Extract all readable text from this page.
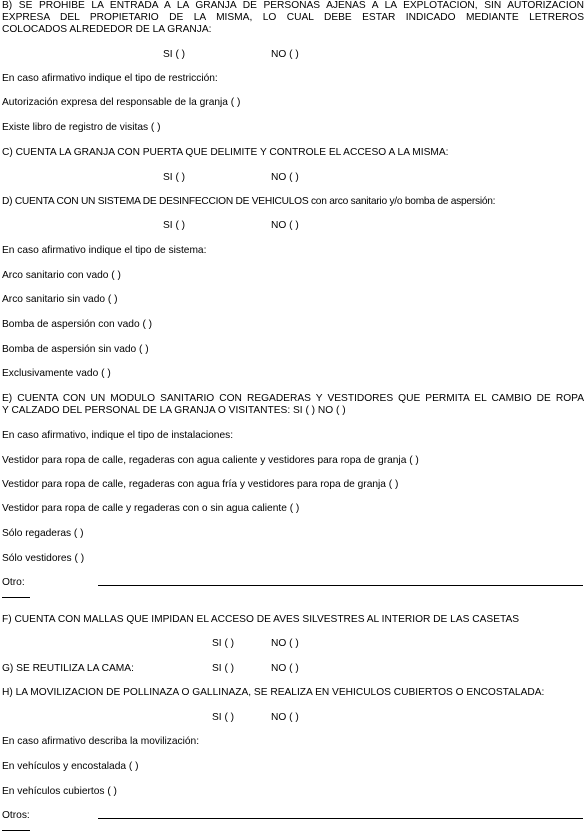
B) SE PROHIBE LA ENTRADA A LA GRANJA DE PERSONAS AJENAS A LA EXPLOTACION, SIN AUTORIZACION
EXPRESA DEL PROPIETARIO DE LA MISMA, LO CUAL DEBE ESTAR INDICADO MEDIANTE LETREROS
COLOCADOS ALREDEDOR DE LA GRANJA:
SI ( )	NO ( )
En caso afirmativo indique el tipo de restricción:
Autorización expresa del responsable de la granja ( )
Existe libro de registro de visitas ( )
C) CUENTA LA GRANJA CON PUERTA QUE DELIMITE Y CONTROLE EL ACCESO A LA MISMA:
SI ( )	NO ( )
D) CUENTA CON UN SISTEMA DE DESINFECCION DE VEHICULOS con arco sanitario y/o bomba de aspersión:
SI ( )	NO ( )
En caso afirmativo indique el tipo de sistema:
Arco sanitario con vado ( )
Arco sanitario sin vado ( )
Bomba de aspersión con vado ( )
Bomba de aspersión sin vado ( )
Exclusivamente vado ( )
E) CUENTA CON UN MODULO SANITARIO CON REGADERAS Y VESTIDORES QUE PERMITA EL CAMBIO DE ROPA
Y CALZADO DEL PERSONAL DE LA GRANJA O VISITANTES: SI ( ) NO ( )
En caso afirmativo, indique el tipo de instalaciones:
Vestidor para ropa de calle, regaderas con agua caliente y vestidores para ropa de granja ( )
Vestidor para ropa de calle, regaderas con agua fría y vestidores para ropa de granja ( )
Vestidor para ropa de calle y regaderas con o sin agua caliente ( )
Sólo regaderas ( )
Sólo vestidores ( )
Otro:
F) CUENTA CON MALLAS QUE IMPIDAN EL ACCESO DE AVES SILVESTRES AL INTERIOR DE LAS CASETAS
SI ( )	NO ( )
G) SE REUTILIZA LA CAMA:	SI ( )	NO ( )
H) LA MOVILIZACION DE POLLINAZA O GALLINAZA, SE REALIZA EN VEHICULOS CUBIERTOS O ENCOSTALADA:
SI ( )	NO ( )
En caso afirmativo describa la movilización:
En vehículos y encostalada ( )
En vehículos cubiertos ( )
Otros:
